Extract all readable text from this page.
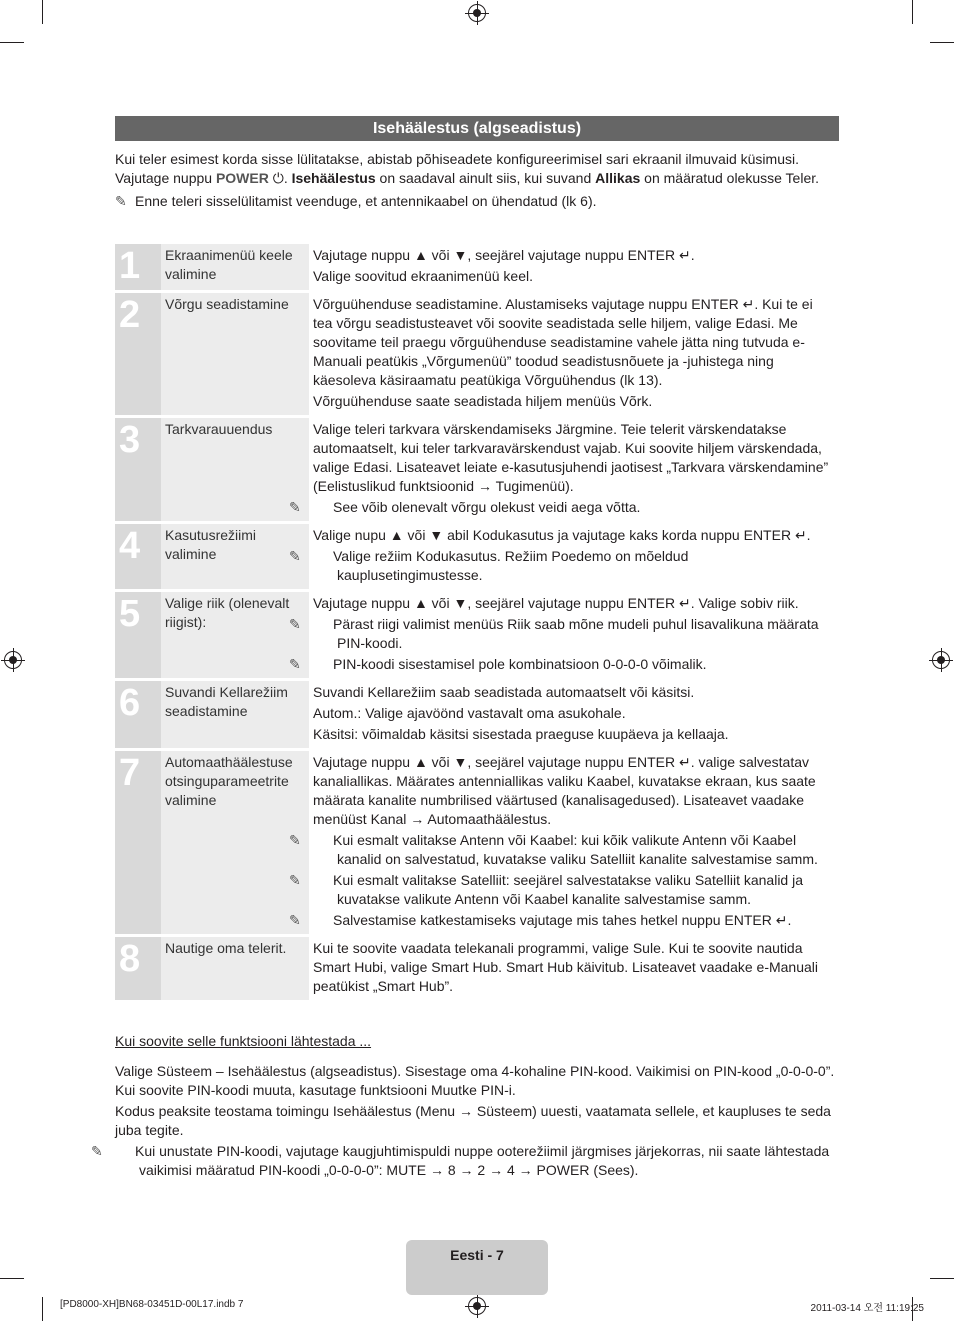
Isehäälestus (algseadistus)

Kui teler esimest korda sisse lülitatakse, abistab põhiseadete konfigureerimisel sari ekraanil ilmuvaid küsimusi. Vajutage nuppu POWER ⏻. Isehäälestus on saadaval ainult siis, kui suvand Allikas on määratud olekusse Teler.

✎ Enne teleri sisselülitamist veenduge, et antennikaabel on ühendatud (lk 6).

1	Ekraanimenüü keele valimine	Vajutage nuppu ▲ või ▼, seejärel vajutage nuppu ENTER ↵.

Valige soovitud ekraanimenüü keel.

2	Võrgu seadistamine	Võrguühenduse seadistamine. Alustamiseks vajutage nuppu ENTER ↵. Kui te ei tea võrgu seadistusteavet või soovite seadistada selle hiljem, valige Edasi. Me soovitame teil praegu võrguühenduse seadistamine vahele jätta ning tutvuda e-Manuali peatükis „Võrgumenüü” toodud seadistusnõuete ja -juhistega ning käesoleva käsiraamatu peatükiga Võrguühendus (lk 13).

Võrguühenduse saate seadistada hiljem menüüs Võrk.

3	Tarkvarauuendus	Valige teleri tarkvara värskendamiseks Järgmine. Teie telerit värskendatakse automaatselt, kui teler tarkvaravärskendust vajab. Kui soovite hiljem värskendada, valige Edasi. Lisateavet leiate e-kasutusjuhendi jaotisest „Tarkvara värskendamine” (Eelistuslikud funktsioonid → Tugimenüü).

✎ See võib olenevalt võrgu olekust veidi aega võtta.

4	Kasutusrežiimi valimine	Valige nupu ▲ või ▼ abil Kodukasutus ja vajutage kaks korda nuppu ENTER ↵.

✎ Valige režiim Kodukasutus. Režiim Poedemo on mõeldud kauplusetingimustesse.

5	Valige riik (olenevalt riigist):	Vajutage nuppu ▲ või ▼, seejärel vajutage nuppu ENTER ↵. Valige sobiv riik.

✎ Pärast riigi valimist menüüs Riik saab mõne mudeli puhul lisavalikuna määrata PIN-koodi.

✎ PIN-koodi sisestamisel pole kombinatsioon 0-0-0-0 võimalik.

6	Suvandi Kellarežiim seadistamine	Suvandi Kellarežiim saab seadistada automaatselt või käsitsi.

Autom.: Valige ajavöönd vastavalt oma asukohale.

Käsitsi: võimaldab käsitsi sisestada praeguse kuupäeva ja kellaaja.

7	Automaathäälestuse otsinguparameetrite valimine	Vajutage nuppu ▲ või ▼, seejärel vajutage nuppu ENTER ↵. valige salvestatav kanaliallikas. Määrates antenniallikas valiku Kaabel, kuvatakse ekraan, kus saate määrata kanalite numbrilised väärtused (kanalisagedused). Lisateavet vaadake menüüst Kanal → Automaathäälestus.

✎ Kui esmalt valitakse Antenn või Kaabel: kui kõik valikute Antenn või Kaabel kanalid on salvestatud, kuvatakse valiku Satelliit kanalite salvestamise samm.

✎ Kui esmalt valitakse Satelliit: seejärel salvestatakse valiku Satelliit kanalid ja kuvatakse valikute Antenn või Kaabel kanalite salvestamise samm.

✎ Salvestamise katkestamiseks vajutage mis tahes hetkel nuppu ENTER ↵.

8	Nautige oma telerit.	Kui te soovite vaadata telekanali programmi, valige Sule. Kui te soovite nautida Smart Hubi, valige Smart Hub. Smart Hub käivitub. Lisateavet vaadake e-Manuali peatükist „Smart Hub”.

Kui soovite selle funktsiooni lähtestada ...

Valige Süsteem – Isehäälestus (algseadistus). Sisestage oma 4-kohaline PIN-kood. Vaikimisi on PIN-kood „0-0-0-0”. Kui soovite PIN-koodi muuta, kasutage funktsiooni Muutke PIN-i.

Kodus peaksite teostama toimingu Isehäälestus (Menu → Süsteem) uuesti, vaatamata sellele, et kaupluses te seda juba tegite.

✎ Kui unustate PIN-koodi, vajutage kaugjuhtimispuldi nuppe ooterežiimil järgmises järjekorras, nii saate lähtestada vaikimisi määratud PIN-koodi „0-0-0-0”: MUTE → 8 → 2 → 4 → POWER (Sees).

Eesti - 7
[PD8000-XH]BN68-03451D-00L17.indb 7	2011-03-14 오전 11:19:25
